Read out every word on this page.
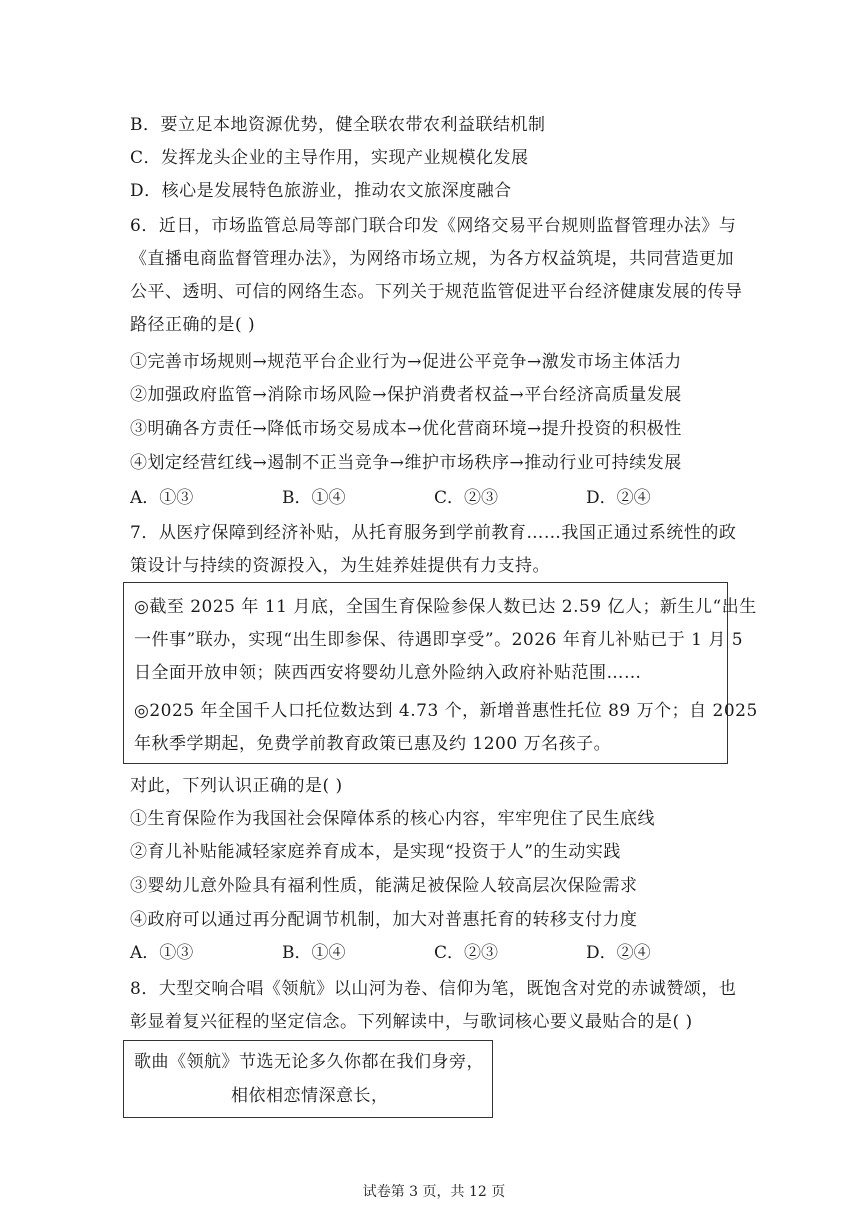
B．要立足本地资源优势，健全联农带农利益联结机制
C．发挥龙头企业的主导作用，实现产业规模化发展
D．核心是发展特色旅游业，推动农文旅深度融合
6．近日，市场监管总局等部门联合印发《网络交易平台规则监督管理办法》与
《直播电商监督管理办法》，为网络市场立规，为各方权益筑堤，共同营造更加
公平、透明、可信的网络生态。下列关于规范监管促进平台经济健康发展的传导
路径正确的是( )
①完善市场规则→规范平台企业行为→促进公平竞争→激发市场主体活力
②加强政府监管→消除市场风险→保护消费者权益→平台经济高质量发展
③明确各方责任→降低市场交易成本→优化营商环境→提升投资的积极性
④划定经营红线→遏制不正当竞争→维护市场秩序→推动行业可持续发展
A．①③	B．①④	C．②③	D．②④
7．从医疗保障到经济补贴，从托育服务到学前教育……我国正通过系统性的政
策设计与持续的资源投入，为生娃养娃提供有力支持。
◎截至 2025 年 11 月底，全国生育保险参保人数已达 2.59 亿人；新生儿“出生
一件事”联办，实现“出生即参保、待遇即享受”。2026 年育儿补贴已于 1 月 5
日全面开放申领；陕西西安将婴幼儿意外险纳入政府补贴范围……
◎2025 年全国千人口托位数达到 4.73 个，新增普惠性托位 89 万个；自 2025
年秋季学期起，免费学前教育政策已惠及约 1200 万名孩子。
对此，下列认识正确的是( )
①生育保险作为我国社会保障体系的核心内容，牢牢兜住了民生底线
②育儿补贴能减轻家庭养育成本，是实现“投资于人”的生动实践
③婴幼儿意外险具有福利性质，能满足被保险人较高层次保险需求
④政府可以通过再分配调节机制，加大对普惠托育的转移支付力度
A．①③	B．①④	C．②③	D．②④
8．大型交响合唱《领航》以山河为卷、信仰为笔，既饱含对党的赤诚赞颂，也
彰显着复兴征程的坚定信念。下列解读中，与歌词核心要义最贴合的是( )
歌曲《领航》节选无论多久你都在我们身旁，
相依相恋情深意长，
试卷第 3 页，共 12 页
